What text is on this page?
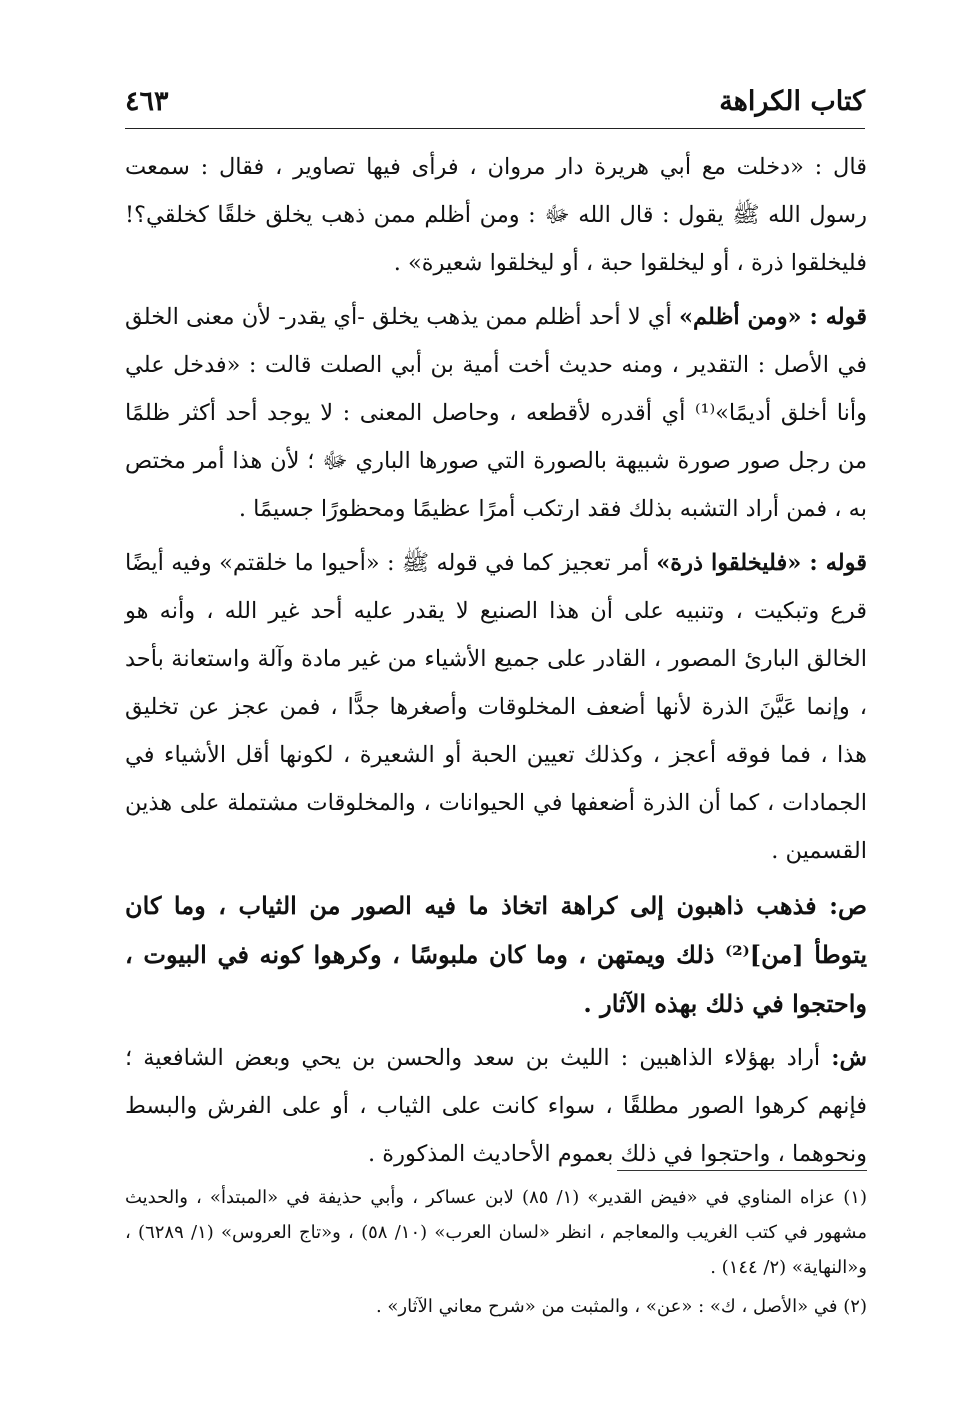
كتاب الكراهة
٤٦٣

قال : «دخلت مع أبي هريرة دار مروان ، فرأى فيها تصاوير ، فقال : سمعت رسول الله ﷺ يقول : قال الله ﷻ : ومن أظلم ممن ذهب يخلق خلقًا كخلقي؟! فليخلقوا ذرة ، أو ليخلقوا حبة ، أو ليخلقوا شعيرة» .

قوله : «ومن أظلم» أي لا أحد أظلم ممن يذهب يخلق -أي يقدر- لأن معنى الخلق في الأصل : التقدير ، ومنه حديث أخت أمية بن أبي الصلت قالت : «فدخل علي وأنا أخلق أديمًا»⁽¹⁾ أي أقدره لأقطعه ، وحاصل المعنى : لا يوجد أحد أكثر ظلمًا من رجل صور صورة شبيهة بالصورة التي صورها الباري ﷻ ؛ لأن هذا أمر مختص به ، فمن أراد التشبه بذلك فقد ارتكب أمرًا عظيمًا ومحظورًا جسيمًا .

قوله : «فليخلقوا ذرة» أمر تعجيز كما في قوله ﷺ : «أحيوا ما خلقتم» وفيه أيضًا قرع وتبكيت ، وتنبيه على أن هذا الصنيع لا يقدر عليه أحد غير الله ، وأنه هو الخالق البارئ المصور ، القادر على جميع الأشياء من غير مادة وآلة واستعانة بأحد ، وإنما عَيَّنَ الذرة لأنها أضعف المخلوقات وأصغرها جدًّا ، فمن عجز عن تخليق هذا ، فما فوقه أعجز ، وكذلك تعيين الحبة أو الشعيرة ، لكونها أقل الأشياء في الجمادات ، كما أن الذرة أضعفها في الحيوانات ، والمخلوقات مشتملة على هذين القسمين .

ص: فذهب ذاهبون إلى كراهة اتخاذ ما فيه الصور من الثياب ، وما كان يتوطأ [من]⁽²⁾ ذلك ويمتهن ، وما كان ملبوسًا ، وكرهوا كونه في البيوت ، واحتجوا في ذلك بهذه الآثار .

ش: أراد بهؤلاء الذاهبين : الليث بن سعد والحسن بن يحي وبعض الشافعية ؛ فإنهم كرهوا الصور مطلقًا ، سواء كانت على الثياب ، أو على الفرش والبسط ونحوهما ، واحتجوا في ذلك بعموم الأحاديث المذكورة .

(١) عزاه المناوي في «فيض القدير» (١/ ٨٥) لابن عساكر ، وأبي حذيفة في «المبتدأ» ، والحديث مشهور في كتب الغريب والمعاجم ، انظر «لسان العرب» (١٠/ ٥٨) ، و«تاج العروس» (١/ ٦٢٨٩) ، و«النهاية» (٢/ ١٤٤) .

(٢) في «الأصل ، ك» : «عن» ، والمثبت من «شرح معاني الآثار» .
